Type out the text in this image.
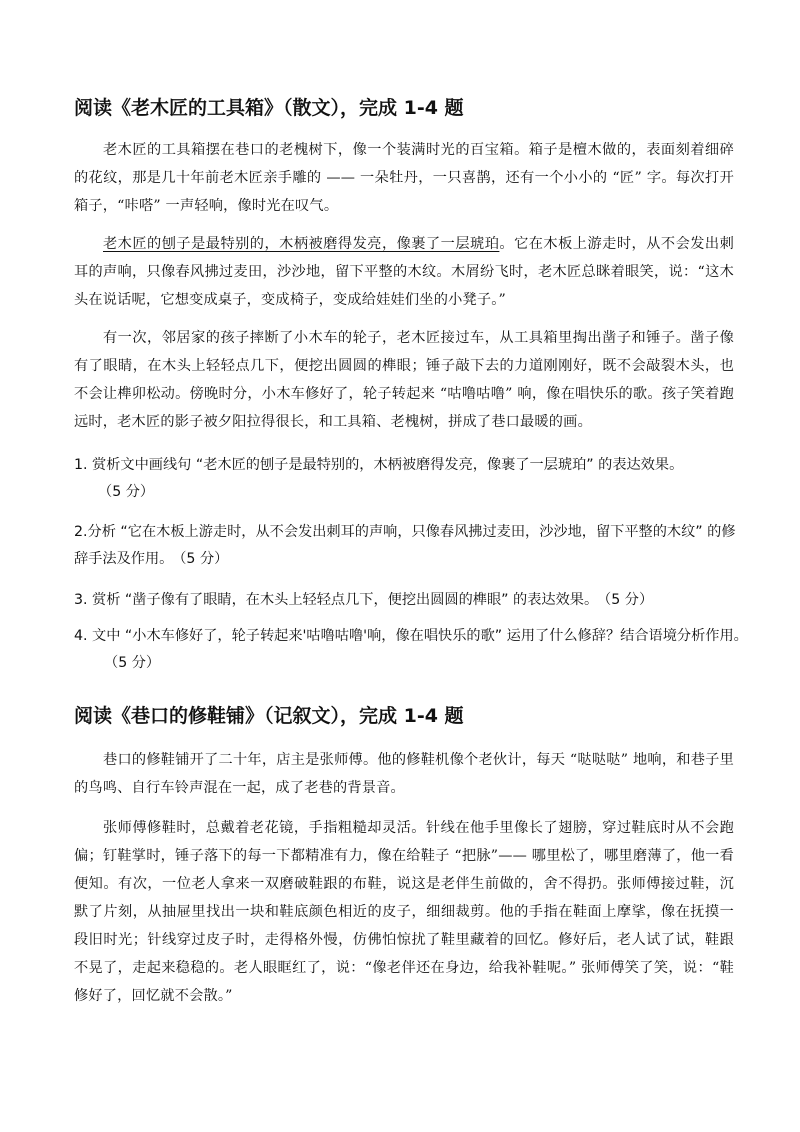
阅读《老木匠的工具箱》（散文），完成 1-4 题

老木匠的工具箱摆在巷口的老槐树下，像一个装满时光的百宝箱。箱子是檀木做的，表面刻着细碎的花纹，那是几十年前老木匠亲手雕的 —— 一朵牡丹，一只喜鹊，还有一个小小的 “匠” 字。每次打开箱子，“咔嗒” 一声轻响，像时光在叹气。

老木匠的刨子是最特别的，木柄被磨得发亮，像裹了一层琥珀。它在木板上游走时，从不会发出刺耳的声响，只像春风拂过麦田，沙沙地，留下平整的木纹。木屑纷飞时，老木匠总眯着眼笑，说：“这木头在说话呢，它想变成桌子，变成椅子，变成给娃娃们坐的小凳子。”

有一次，邻居家的孩子摔断了小木车的轮子，老木匠接过车，从工具箱里掏出凿子和锤子。凿子像有了眼睛，在木头上轻轻点几下，便挖出圆圆的榫眼；锤子敲下去的力道刚刚好，既不会敲裂木头，也不会让榫卯松动。傍晚时分，小木车修好了，轮子转起来 “咕噜咕噜” 响，像在唱快乐的歌。孩子笑着跑远时，老木匠的影子被夕阳拉得很长，和工具箱、老槐树，拼成了巷口最暖的画。

1. 赏析文中画线句 “老木匠的刨子是最特别的，木柄被磨得发亮，像裹了一层琥珀” 的表达效果。
（5 分）

2.分析 “它在木板上游走时，从不会发出刺耳的声响，只像春风拂过麦田，沙沙地，留下平整的木纹” 的修辞手法及作用。 （5 分）

3. 赏析 “凿子像有了眼睛，在木头上轻轻点几下，便挖出圆圆的榫眼” 的表达效果。 （5 分）

4. 文中 “小木车修好了，轮子转起来'咕噜咕噜'响，像在唱快乐的歌” 运用了什么修辞？结合语境分析作用。（5 分）

阅读《巷口的修鞋铺》（记叙文），完成 1-4 题

巷口的修鞋铺开了二十年，店主是张师傅。他的修鞋机像个老伙计，每天 “哒哒哒” 地响，和巷子里的鸟鸣、自行车铃声混在一起，成了老巷的背景音。

张师傅修鞋时，总戴着老花镜，手指粗糙却灵活。针线在他手里像长了翅膀，穿过鞋底时从不会跑偏；钉鞋掌时，锤子落下的每一下都精准有力，像在给鞋子 “把脉”—— 哪里松了，哪里磨薄了，他一看便知。有次，一位老人拿来一双磨破鞋跟的布鞋，说这是老伴生前做的，舍不得扔。张师傅接过鞋，沉默了片刻，从抽屉里找出一块和鞋底颜色相近的皮子，细细裁剪。他的手指在鞋面上摩挲，像在抚摸一段旧时光；针线穿过皮子时，走得格外慢，仿佛怕惊扰了鞋里藏着的回忆。修好后，老人试了试，鞋跟不晃了，走起来稳稳的。老人眼眶红了，说：“像老伴还在身边，给我补鞋呢。” 张师傅笑了笑，说：“鞋修好了，回忆就不会散。”
